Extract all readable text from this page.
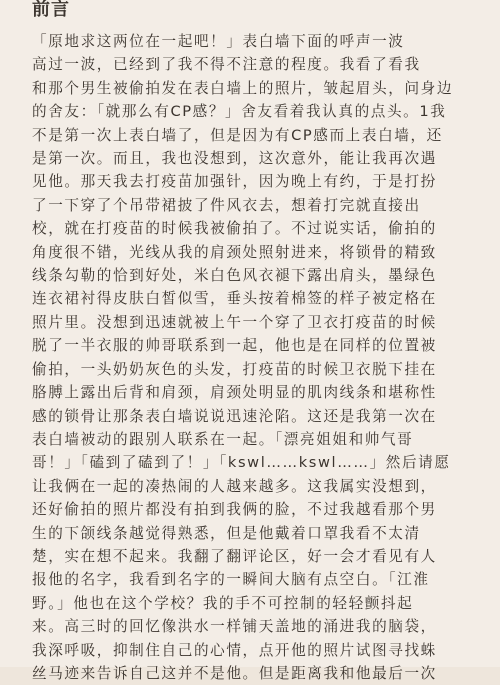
前言
「原地求这两位在一起吧！」表白墙下面的呼声一波
高过一波，已经到了我不得不注意的程度。我看了看我
和那个男生被偷拍发在表白墙上的照片，皱起眉头，问身边
的舍友：「就那么有CP感？」舍友看着我认真的点头。1我
不是第一次上表白墙了，但是因为有CP感而上表白墙，还
是第一次。而且，我也没想到，这次意外，能让我再次遇
见他。那天我去打疫苗加强针，因为晚上有约，于是打扮
了一下穿了个吊带裙披了件风衣去，想着打完就直接出
校，就在打疫苗的时候我被偷拍了。不过说实话，偷拍的
角度很不错，光线从我的肩颈处照射进来，将锁骨的精致
线条勾勒的恰到好处，米白色风衣褪下露出肩头，墨绿色
连衣裙衬得皮肤白皙似雪，垂头按着棉签的样子被定格在
照片里。没想到迅速就被上午一个穿了卫衣打疫苗的时候
脱了一半衣服的帅哥联系到一起，他也是在同样的位置被
偷拍，一头奶奶灰色的头发，打疫苗的时候卫衣脱下挂在
胳膊上露出后背和肩颈，肩颈处明显的肌肉线条和堪称性
感的锁骨让那条表白墙说说迅速沦陷。这还是我第一次在
表白墙被动的跟别人联系在一起。「漂亮姐姐和帅气哥
哥！」「磕到了磕到了！」「kswl……kswl……」然后请愿
让我俩在一起的凑热闹的人越来越多。这我属实没想到，
还好偷拍的照片都没有拍到我俩的脸，不过我越看那个男
生的下颌线条越觉得熟悉，但是他戴着口罩我看不太清
楚，实在想不起来。我翻了翻评论区，好一会才看见有人
报他的名字，我看到名字的一瞬间大脑有点空白。「江淮
野。」他也在这个学校？我的手不可控制的轻轻颤抖起
来。高三时的回忆像洪水一样铺天盖地的涌进我的脑袋，
我深呼吸，抑制住自己的心情，点开他的照片试图寻找蛛
丝马迹来告诉自己这并不是他。但是距离我和他最后一次
